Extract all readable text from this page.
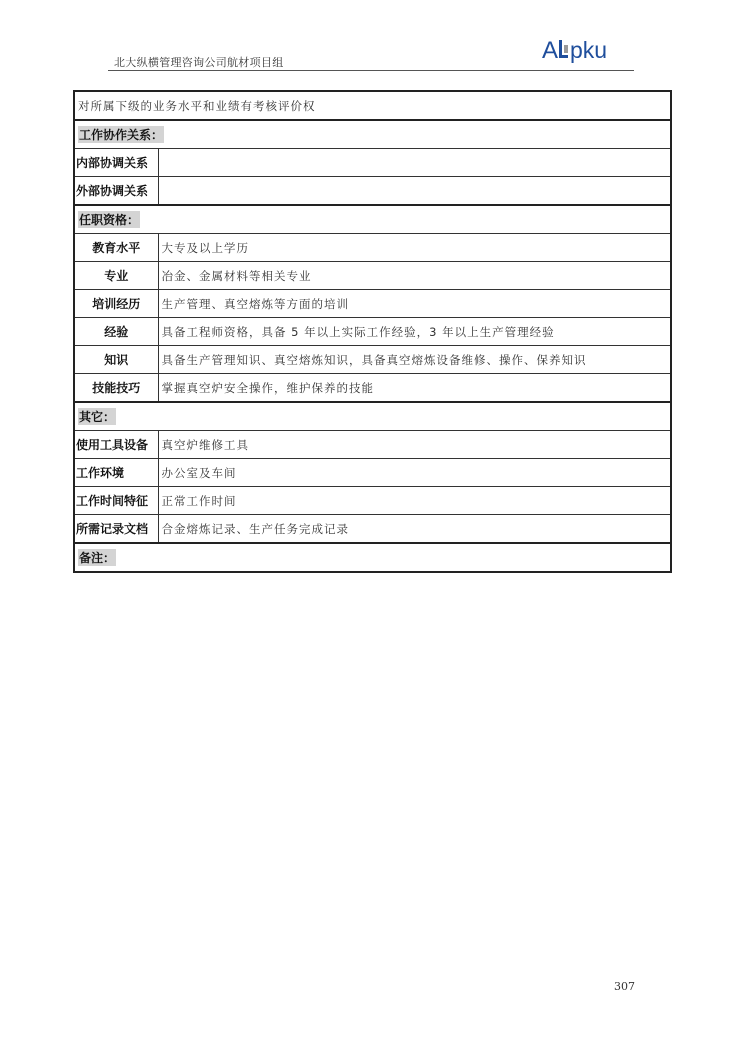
北大纵横管理咨询公司航材项目组	A pku
对所属下级的业务水平和业绩有考核评价权	
工作协作关系：	
内部协调关系	
外部协调关系	
任职资格：	
教育水平	大专及以上学历
专业	冶金、金属材料等相关专业
培训经历	生产管理、真空熔炼等方面的培训
经验	具备工程师资格，具备 5 年以上实际工作经验，3 年以上生产管理经验
知识	具备生产管理知识、真空熔炼知识，具备真空熔炼设备维修、操作、保养知识
技能技巧	掌握真空炉安全操作，维护保养的技能
其它：	
使用工具设备	真空炉维修工具
工作环境	办公室及车间
工作时间特征	正常工作时间
所需记录文档	合金熔炼记录、生产任务完成记录
备注：	
307
